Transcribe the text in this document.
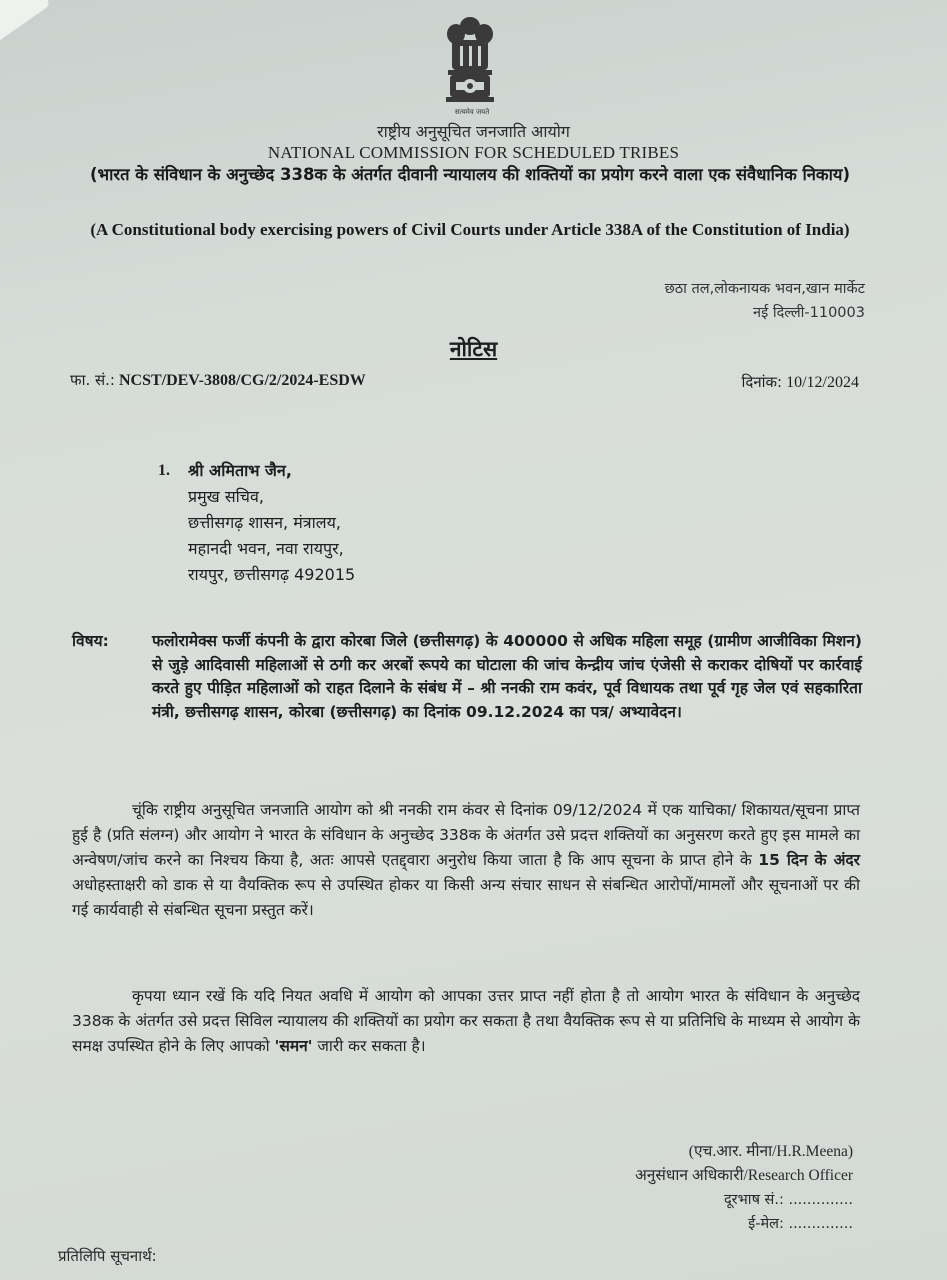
सत्यमेव जयते
राष्ट्रीय अनुसूचित जनजाति आयोग
NATIONAL COMMISSION FOR SCHEDULED TRIBES
(भारत के संविधान के अनुच्छेद 338क के अंतर्गत दीवानी न्यायालय की शक्तियों का प्रयोग करने वाला एक संवैधानिक निकाय)
(A Constitutional body exercising powers of Civil Courts under Article 338A of the Constitution of India)
छठा तल,लोकनायक भवन,खान मार्केट
नई दिल्ली-110003
नोटिस
फा. सं.: NCST/DEV-3808/CG/2/2024-ESDW	दिनांक: 10/12/2024
1. श्री अमिताभ जैन,
प्रमुख सचिव,
छत्तीसगढ़ शासन, मंत्रालय,
महानदी भवन, नवा रायपुर,
रायपुर, छत्तीसगढ़ 492015
विषय:	फलोरामेक्स फर्जी कंपनी के द्वारा कोरबा जिले (छत्तीसगढ़) के 400000 से अधिक महिला समूह (ग्रामीण आजीविका मिशन) से जुड़े आदिवासी महिलाओं से ठगी कर अरबों रूपये का घोटाला की जांच केन्द्रीय जांच एंजेसी से कराकर दोषियों पर कार्रवाई करते हुए पीड़ित महिलाओं को राहत दिलाने के संबंध में – श्री ननकी राम कवंर, पूर्व विधायक तथा पूर्व गृह जेल एवं सहकारिता मंत्री, छत्तीसगढ़ शासन, कोरबा (छत्तीसगढ़) का दिनांक 09.12.2024 का पत्र/ अभ्यावेदन।
चूंकि राष्ट्रीय अनुसूचित जनजाति आयोग को श्री ननकी राम कंवर से दिनांक 09/12/2024 में एक याचिका/ शिकायत/सूचना प्राप्त हुई है (प्रति संलग्न) और आयोग ने भारत के संविधान के अनुच्छेद 338क के अंतर्गत उसे प्रदत्त शक्तियों का अनुसरण करते हुए इस मामले का अन्वेषण/जांच करने का निश्चय किया है, अतः आपसे एतद्द्वारा अनुरोध किया जाता है कि आप सूचना के प्राप्त होने के 15 दिन के अंदर अधोहस्ताक्षरी को डाक से या वैयक्तिक रूप से उपस्थित होकर या किसी अन्य संचार साधन से संबन्धित आरोपों/मामलों और सूचनाओं पर की गई कार्यवाही से संबन्धित सूचना प्रस्तुत करें।
कृपया ध्यान रखें कि यदि नियत अवधि में आयोग को आपका उत्तर प्राप्त नहीं होता है तो आयोग भारत के संविधान के अनुच्छेद 338क के अंतर्गत उसे प्रदत्त सिविल न्यायालय की शक्तियों का प्रयोग कर सकता है तथा वैयक्तिक रूप से या प्रतिनिधि के माध्यम से आयोग के समक्ष उपस्थित होने के लिए आपको 'समन' जारी कर सकता है।
(एच.आर. मीना/H.R.Meena)
अनुसंधान अधिकारी/Research Officer
दूरभाष सं.: ..............
ई-मेल: ..............
प्रतिलिपि सूचनार्थ:
